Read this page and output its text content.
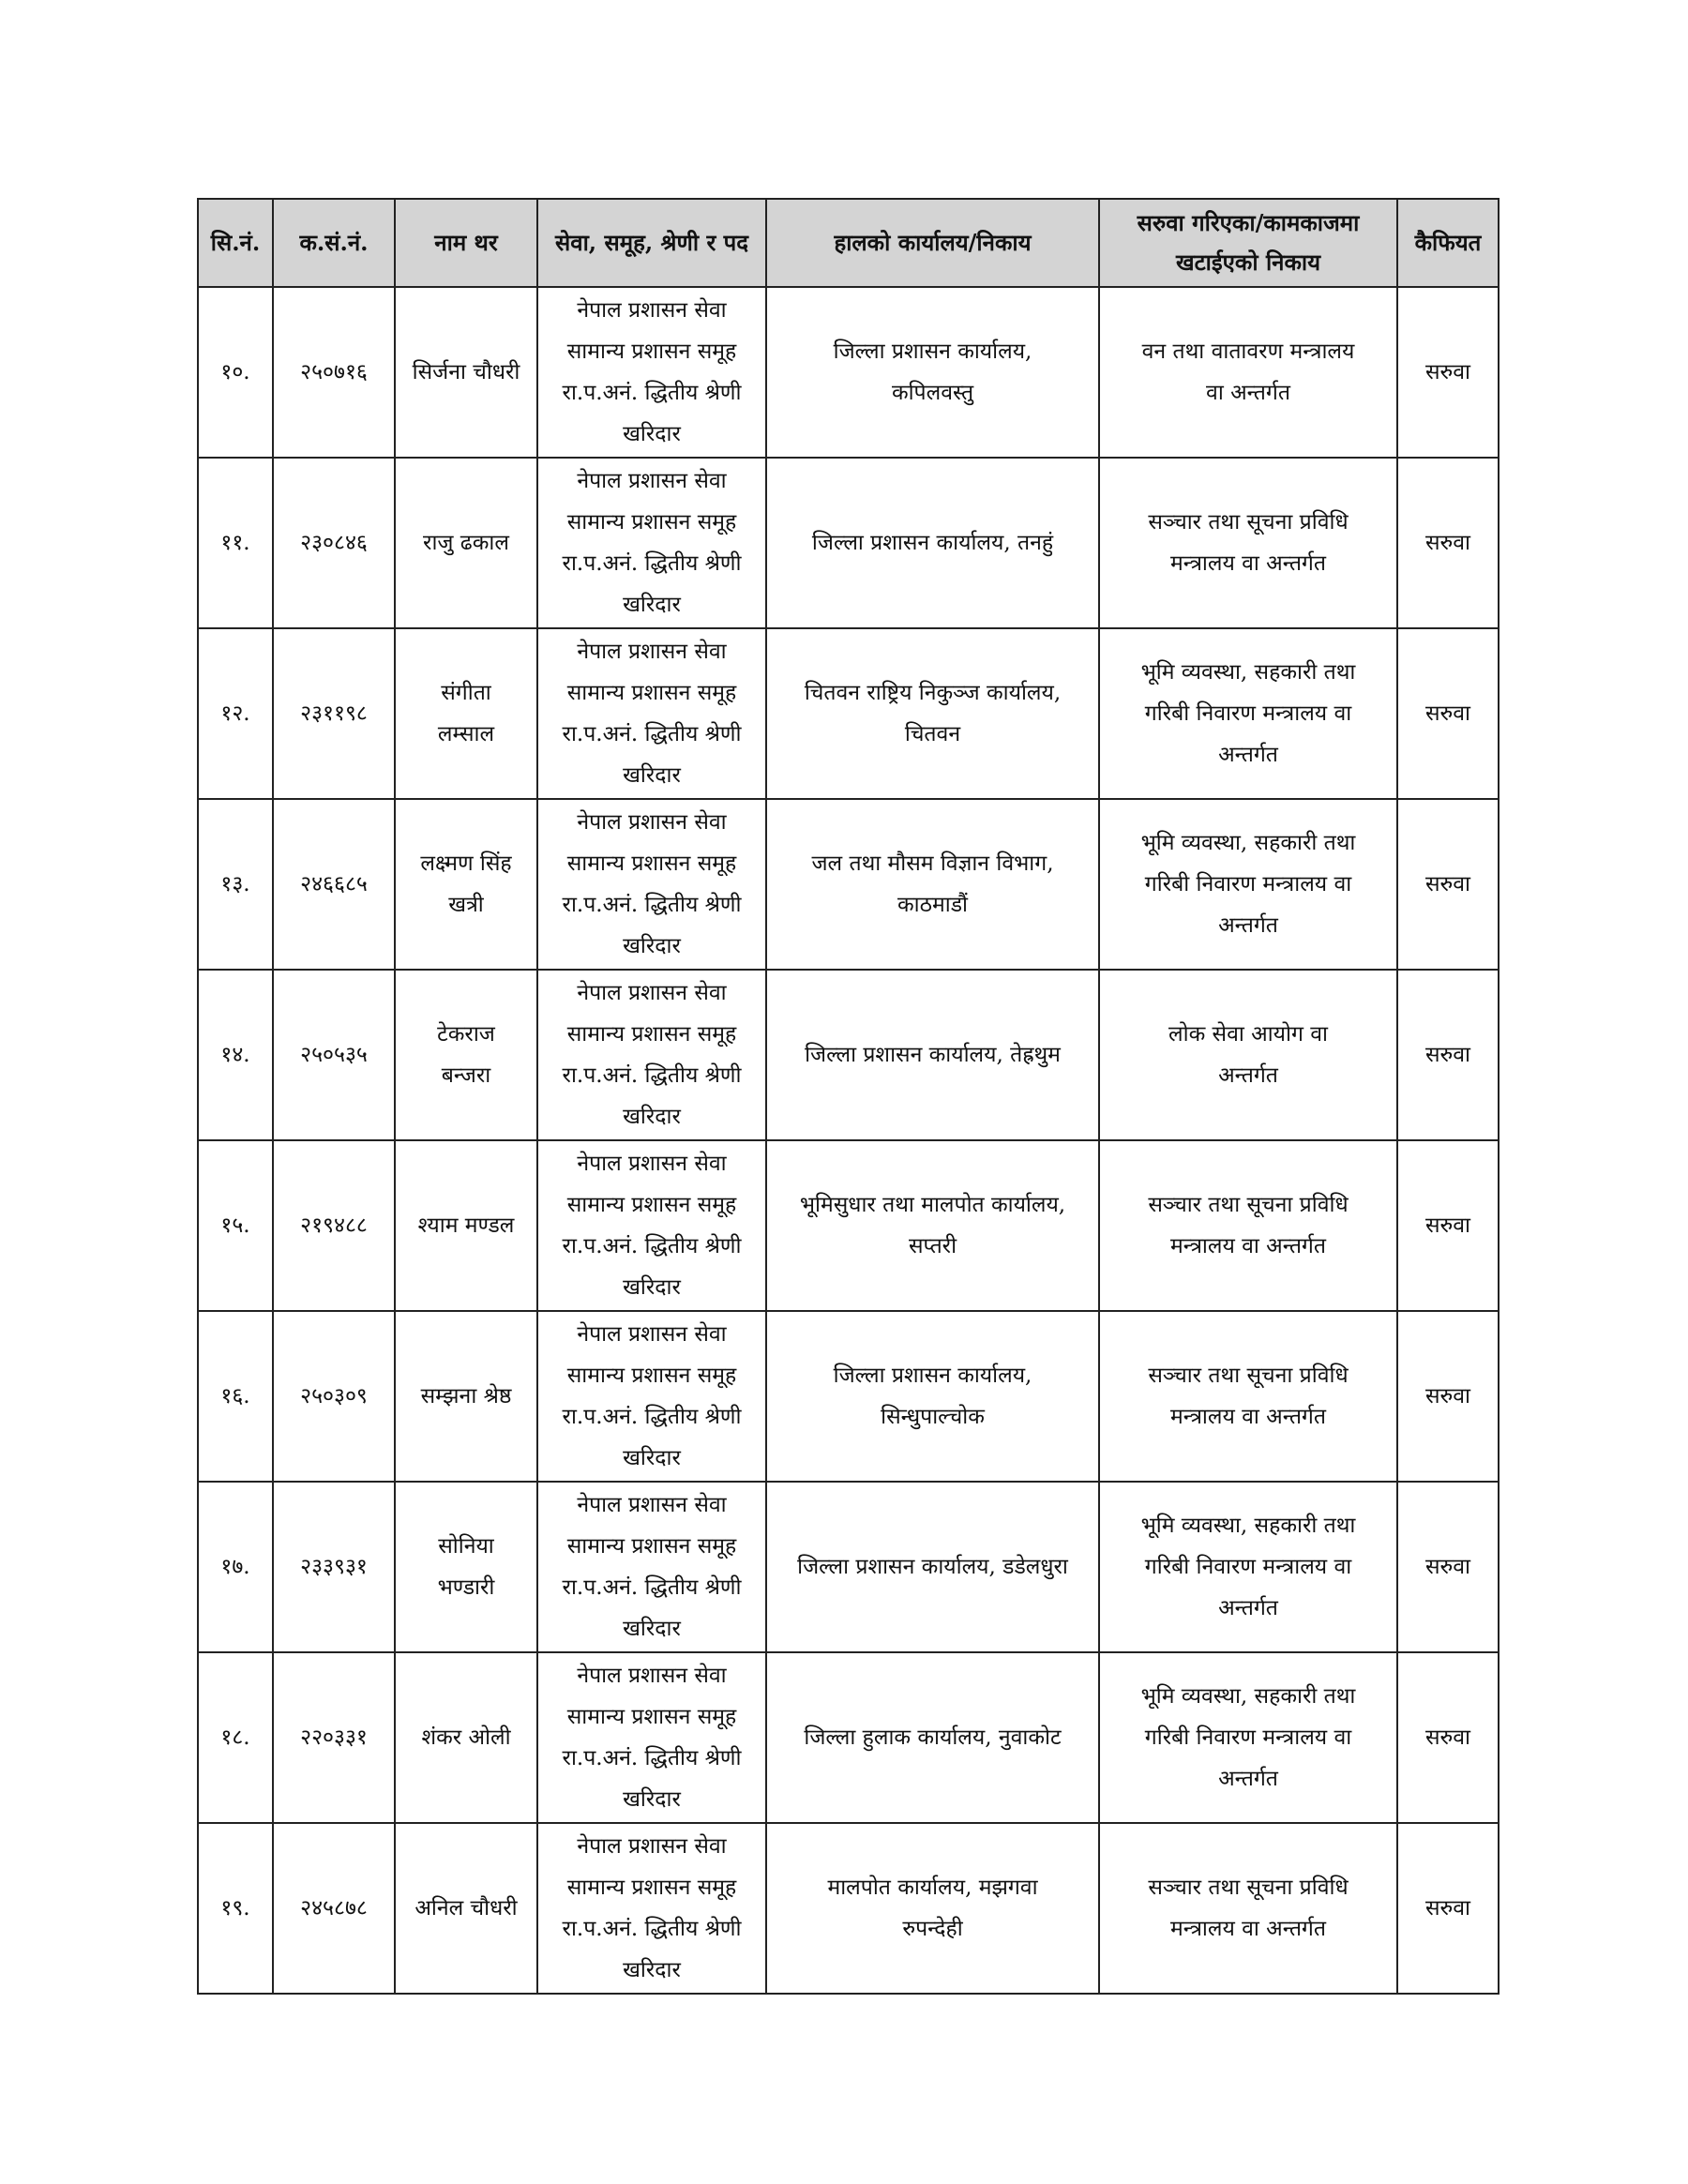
सि.नं.	क.सं.नं.	नाम थर	सेवा, समूह, श्रेणी र पद	हालको कार्यालय/निकाय	सरुवा गरिएका/कामकाजमा खटाईएको निकाय	कैफियत

१०.	२५०७१६	सिर्जना चौधरी	नेपाल प्रशासन सेवा
सामान्य प्रशासन समूह
रा.प.अनं. द्धितीय श्रेणी
खरिदार	जिल्ला प्रशासन कार्यालय,
कपिलवस्तु	वन तथा वातावरण मन्त्रालय
वा अन्तर्गत	सरुवा

११.	२३०८४६	राजु ढकाल	नेपाल प्रशासन सेवा
सामान्य प्रशासन समूह
रा.प.अनं. द्धितीय श्रेणी
खरिदार	जिल्ला प्रशासन कार्यालय, तनहुं	सञ्चार तथा सूचना प्रविधि
मन्त्रालय वा अन्तर्गत	सरुवा

१२.	२३११९८	संगीता
लम्साल	नेपाल प्रशासन सेवा
सामान्य प्रशासन समूह
रा.प.अनं. द्धितीय श्रेणी
खरिदार	चितवन राष्ट्रिय निकुञ्ज कार्यालय,
चितवन	भूमि व्यवस्था, सहकारी तथा
गरिबी निवारण मन्त्रालय वा
अन्तर्गत	सरुवा

१३.	२४६६८५	लक्ष्मण सिंह
खत्री	नेपाल प्रशासन सेवा
सामान्य प्रशासन समूह
रा.प.अनं. द्धितीय श्रेणी
खरिदार	जल तथा मौसम विज्ञान विभाग,
काठमाडौं	भूमि व्यवस्था, सहकारी तथा
गरिबी निवारण मन्त्रालय वा
अन्तर्गत	सरुवा

१४.	२५०५३५	टेकराज
बन्जरा	नेपाल प्रशासन सेवा
सामान्य प्रशासन समूह
रा.प.अनं. द्धितीय श्रेणी
खरिदार	जिल्ला प्रशासन कार्यालय, तेह्रथुम	लोक सेवा आयोग वा
अन्तर्गत	सरुवा

१५.	२१९४८८	श्याम मण्डल	नेपाल प्रशासन सेवा
सामान्य प्रशासन समूह
रा.प.अनं. द्धितीय श्रेणी
खरिदार	भूमिसुधार तथा मालपोत कार्यालय,
सप्तरी	सञ्चार तथा सूचना प्रविधि
मन्त्रालय वा अन्तर्गत	सरुवा

१६.	२५०३०९	सम्झना श्रेष्ठ	नेपाल प्रशासन सेवा
सामान्य प्रशासन समूह
रा.प.अनं. द्धितीय श्रेणी
खरिदार	जिल्ला प्रशासन कार्यालय,
सिन्धुपाल्चोक	सञ्चार तथा सूचना प्रविधि
मन्त्रालय वा अन्तर्गत	सरुवा

१७.	२३३९३१	सोनिया
भण्डारी	नेपाल प्रशासन सेवा
सामान्य प्रशासन समूह
रा.प.अनं. द्धितीय श्रेणी
खरिदार	जिल्ला प्रशासन कार्यालय, डडेलधुरा	भूमि व्यवस्था, सहकारी तथा
गरिबी निवारण मन्त्रालय वा
अन्तर्गत	सरुवा

१८.	२२०३३१	शंकर ओली	नेपाल प्रशासन सेवा
सामान्य प्रशासन समूह
रा.प.अनं. द्धितीय श्रेणी
खरिदार	जिल्ला हुलाक कार्यालय, नुवाकोट	भूमि व्यवस्था, सहकारी तथा
गरिबी निवारण मन्त्रालय वा
अन्तर्गत	सरुवा

१९.	२४५८७८	अनिल चौधरी	नेपाल प्रशासन सेवा
सामान्य प्रशासन समूह
रा.प.अनं. द्धितीय श्रेणी
खरिदार	मालपोत कार्यालय, मझगवा
रुपन्देही	सञ्चार तथा सूचना प्रविधि
मन्त्रालय वा अन्तर्गत	सरुवा
